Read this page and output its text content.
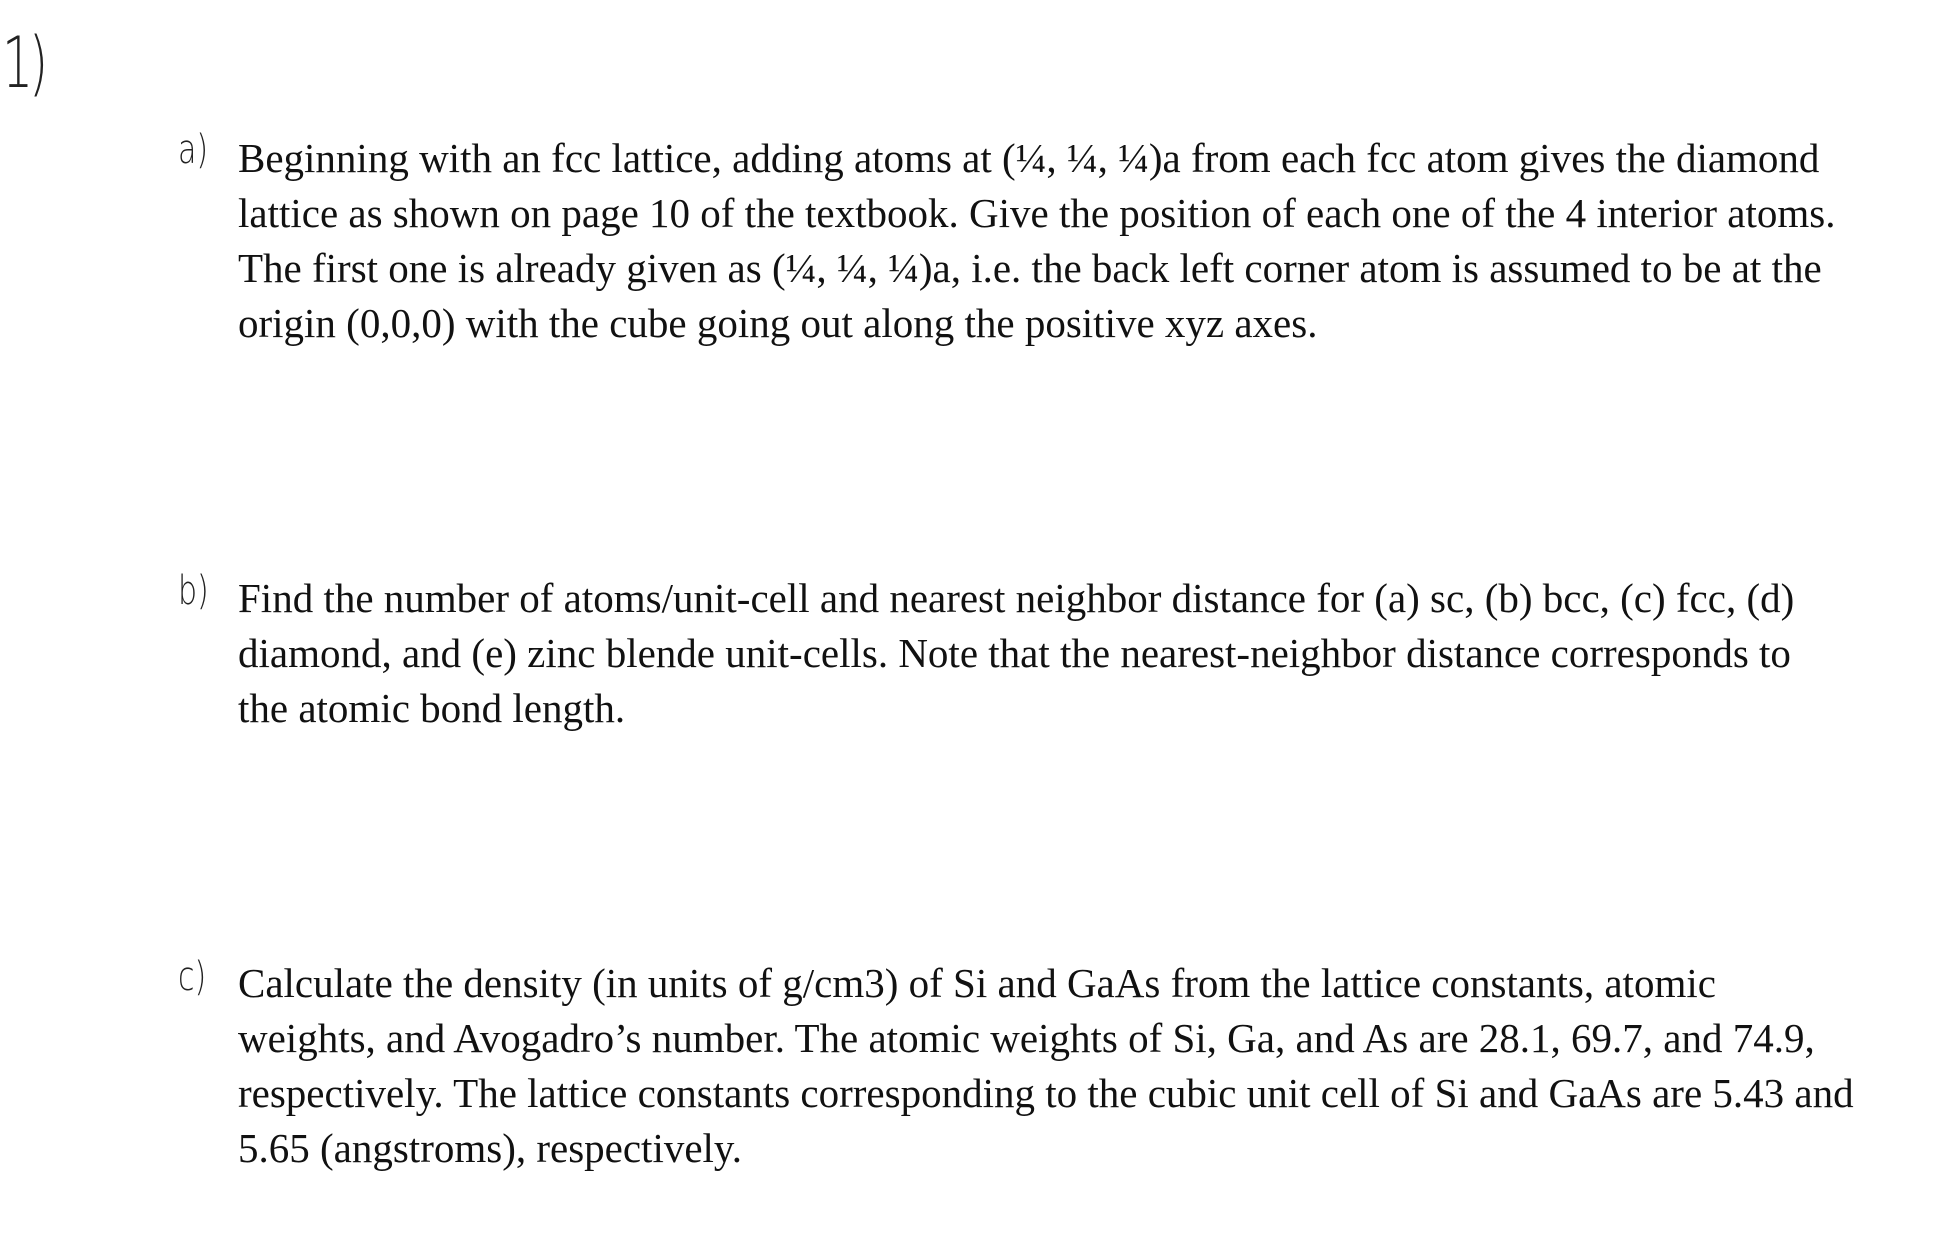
1)
a) Beginning with an fcc lattice, adding atoms at (¼, ¼, ¼)a from each fcc atom gives the diamond
lattice as shown on page 10 of the textbook. Give the position of each one of the 4 interior atoms.
The first one is already given as (¼, ¼, ¼)a, i.e. the back left corner atom is assumed to be at the
origin (0,0,0) with the cube going out along the positive xyz axes.
b) Find the number of atoms/unit-cell and nearest neighbor distance for (a) sc, (b) bcc, (c) fcc, (d)
diamond, and (e) zinc blende unit-cells. Note that the nearest-neighbor distance corresponds to
the atomic bond length.
c) Calculate the density (in units of g/cm3) of Si and GaAs from the lattice constants, atomic
weights, and Avogadro’s number. The atomic weights of Si, Ga, and As are 28.1, 69.7, and 74.9,
respectively. The lattice constants corresponding to the cubic unit cell of Si and GaAs are 5.43 and
5.65 (angstroms), respectively.
